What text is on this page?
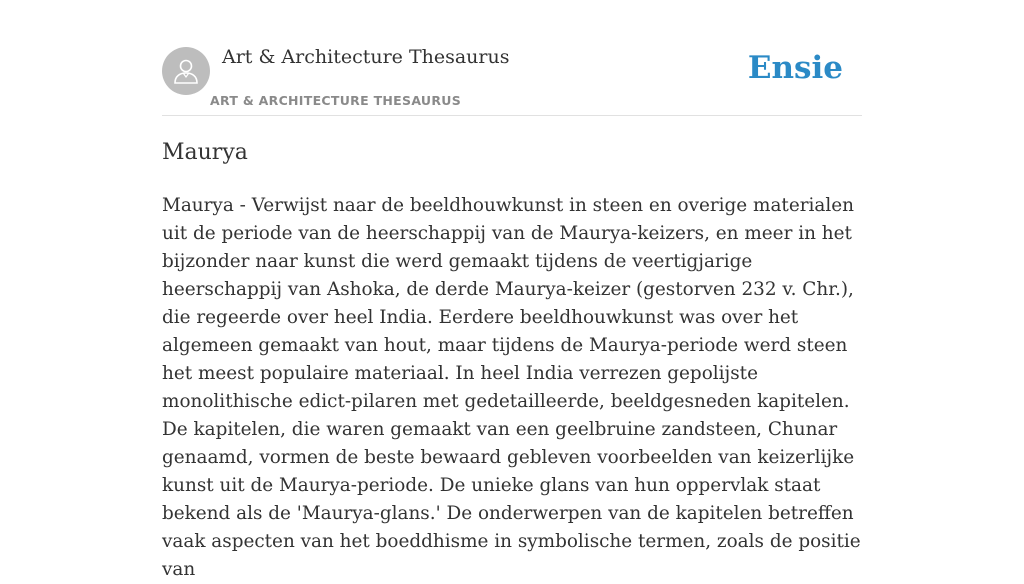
Art & Architecture Thesaurus
ART & ARCHITECTURE THESAURUS
Ensie
Maurya

Maurya - Verwijst naar de beeldhouwkunst in steen en overige materialen uit de periode van de heerschappij van de Maurya-keizers, en meer in het bijzonder naar kunst die werd gemaakt tijdens de veertigjarige heerschappij van Ashoka, de derde Maurya-keizer (gestorven 232 v. Chr.), die regeerde over heel India. Eerdere beeldhouwkunst was over het algemeen gemaakt van hout, maar tijdens de Maurya-periode werd steen het meest populaire materiaal. In heel India verrezen gepolijste monolithische edict-pilaren met gedetailleerde, beeldgesneden kapitelen. De kapitelen, die waren gemaakt van een geelbruine zandsteen, Chunar genaamd, vormen de beste bewaard gebleven voorbeelden van keizerlijke kunst uit de Maurya-periode. De unieke glans van hun oppervlak staat bekend als de 'Maurya-glans.' De onderwerpen van de kapitelen betreffen vaak aspecten van het boeddhisme in symbolische termen, zoals de positie van
